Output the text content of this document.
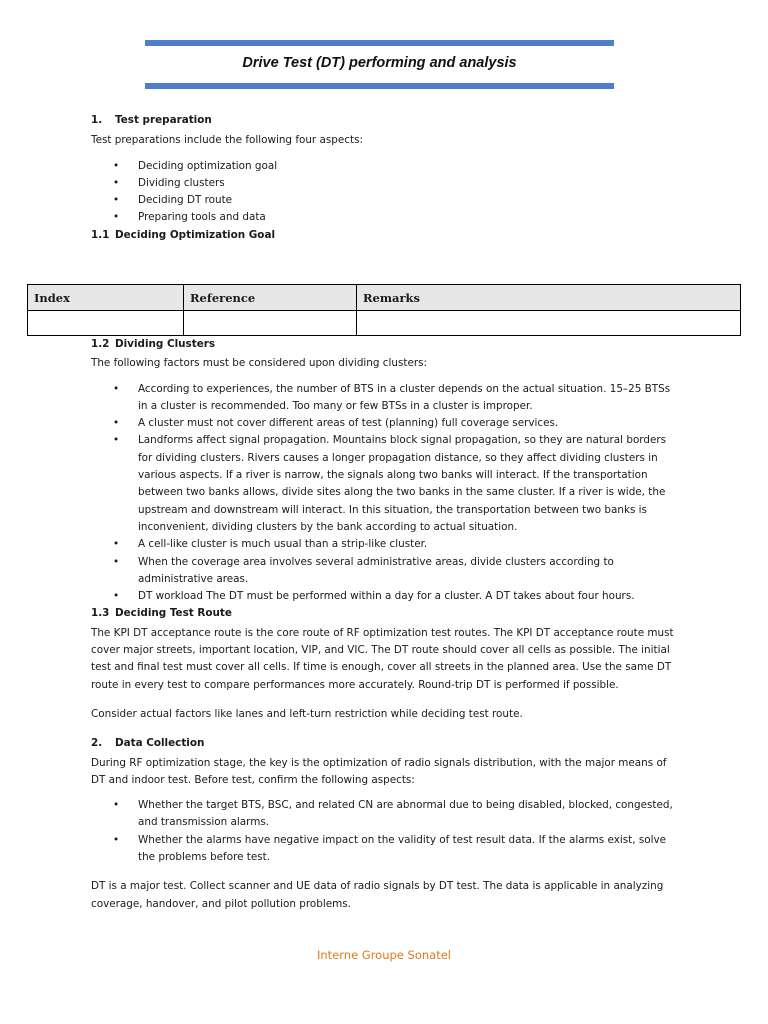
Drive Test (DT) performing and analysis
1. Test preparation

Test preparations include the following four aspects:

• Deciding optimization goal
• Dividing clusters
• Deciding DT route
• Preparing tools and data
1.1 Deciding Optimization Goal
Index	Reference	Remarks

1.2 Dividing Clusters

The following factors must be considered upon dividing clusters:

• According to experiences, the number of BTS in a cluster depends on the actual situation. 15–25 BTSs in a cluster is recommended. Too many or few BTSs in a cluster is improper.
• A cluster must not cover different areas of test (planning) full coverage services.
• Landforms affect signal propagation. Mountains block signal propagation, so they are natural borders for dividing clusters. Rivers causes a longer propagation distance, so they affect dividing clusters in various aspects. If a river is narrow, the signals along two banks will interact. If the transportation between two banks allows, divide sites along the two banks in the same cluster. If a river is wide, the upstream and downstream will interact. In this situation, the transportation between two banks is inconvenient, dividing clusters by the bank according to actual situation.
• A cell-like cluster is much usual than a strip-like cluster.
• When the coverage area involves several administrative areas, divide clusters according to administrative areas.
• DT workload The DT must be performed within a day for a cluster. A DT takes about four hours.
1.3 Deciding Test Route

The KPI DT acceptance route is the core route of RF optimization test routes. The KPI DT acceptance route must cover major streets, important location, VIP, and VIC. The DT route should cover all cells as possible. The initial test and final test must cover all cells. If time is enough, cover all streets in the planned area. Use the same DT route in every test to compare performances more accurately. Round-trip DT is performed if possible.

Consider actual factors like lanes and left-turn restriction while deciding test route.

2. Data Collection

During RF optimization stage, the key is the optimization of radio signals distribution, with the major means of DT and indoor test. Before test, confirm the following aspects:

• Whether the target BTS, BSC, and related CN are abnormal due to being disabled, blocked, congested, and transmission alarms.
• Whether the alarms have negative impact on the validity of test result data. If the alarms exist, solve the problems before test.

DT is a major test. Collect scanner and UE data of radio signals by DT test. The data is applicable in analyzing coverage, handover, and pilot pollution problems.

Interne Groupe Sonatel
